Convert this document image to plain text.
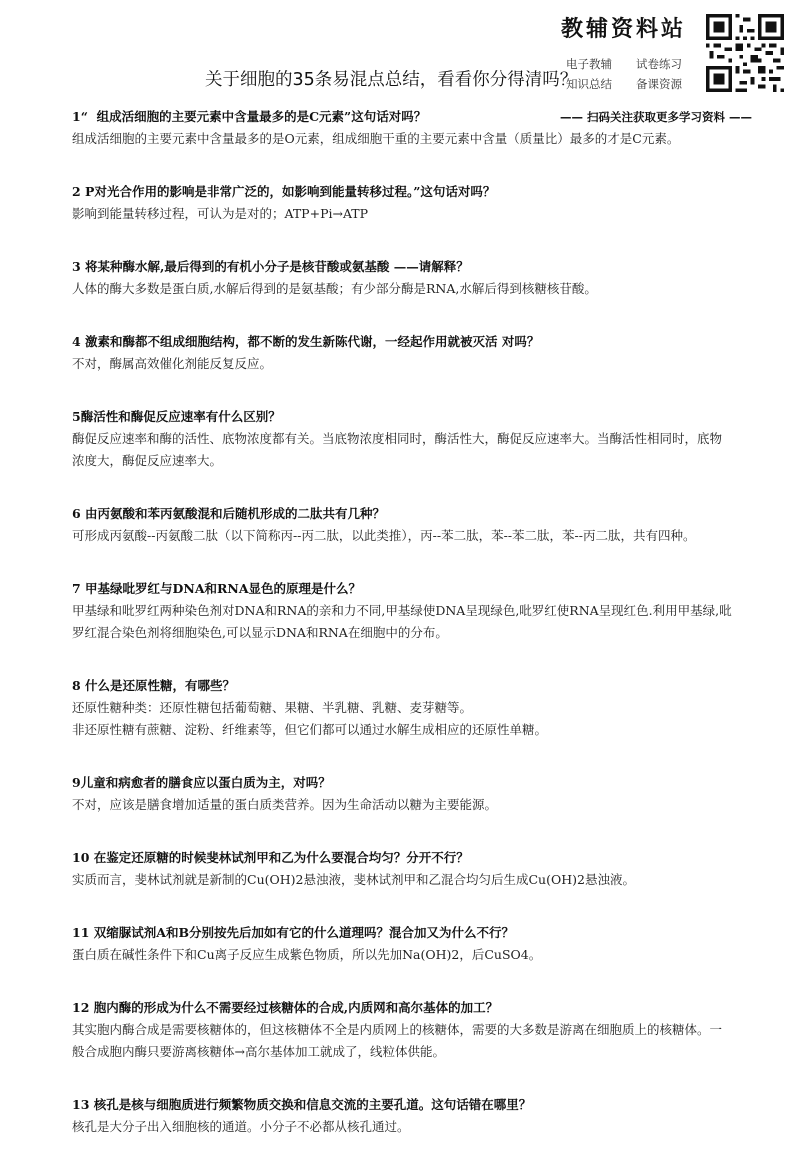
教辅资料站
电子教辅	试卷练习
知识总结	备课资源
—— 扫码关注获取更多学习资料 ——
关于细胞的35条易混点总结，看看你分得清吗？
1“  组成活细胞的主要元素中含量最多的是C元素”这句话对吗？

组成活细胞的主要元素中含量最多的是O元素，组成细胞干重的主要元素中含量（质量比）最多的才是C元素。

2 P对光合作用的影响是非常广泛的，如影响到能量转移过程。”这句话对吗？

影响到能量转移过程，可认为是对的；ATP+Pi→ATP

3 将某种酶水解,最后得到的有机小分子是核苷酸或氨基酸 ——请解释？

人体的酶大多数是蛋白质,水解后得到的是氨基酸；有少部分酶是RNA,水解后得到核糖核苷酸。

4 激素和酶都不组成细胞结构，都不断的发生新陈代谢，一经起作用就被灭活 对吗？

不对，酶属高效催化剂能反复反应。

5酶活性和酶促反应速率有什么区别？

酶促反应速率和酶的活性、底物浓度都有关。当底物浓度相同时，酶活性大，酶促反应速率大。当酶活性相同时，底物浓度大，酶促反应速率大。

6 由丙氨酸和苯丙氨酸混和后随机形成的二肽共有几种？

可形成丙氨酸--丙氨酸二肽（以下简称丙--丙二肽，以此类推），丙--苯二肽，苯--苯二肽，苯--丙二肽，共有四种。

7 甲基绿吡罗红与DNA和RNA显色的原理是什么？

甲基绿和吡罗红两种染色剂对DNA和RNA的亲和力不同,甲基绿使DNA呈现绿色,吡罗红使RNA呈现红色.利用甲基绿,吡罗红混合染色剂将细胞染色,可以显示DNA和RNA在细胞中的分布。

8 什么是还原性糖，有哪些？

还原性糖种类：还原性糖包括葡萄糖、果糖、半乳糖、乳糖、麦芽糖等。

非还原性糖有蔗糖、淀粉、纤维素等，但它们都可以通过水解生成相应的还原性单糖。

9儿童和病愈者的膳食应以蛋白质为主，对吗？

不对，应该是膳食增加适量的蛋白质类营养。因为生命活动以糖为主要能源。

10 在鉴定还原糖的时候斐林试剂甲和乙为什么要混合均匀？分开不行？

实质而言，斐林试剂就是新制的Cu(OH)2悬浊液，斐林试剂甲和乙混合均匀后生成Cu(OH)2悬浊液。

11 双缩脲试剂A和B分别按先后加如有它的什么道理吗？混合加又为什么不行？

蛋白质在碱性条件下和Cu离子反应生成紫色物质，所以先加Na(OH)2，后CuSO4。

12 胞内酶的形成为什么不需要经过核糖体的合成,内质网和高尔基体的加工？

其实胞内酶合成是需要核糖体的，但这核糖体不全是内质网上的核糖体，需要的大多数是游离在细胞质上的核糖体。一般合成胞内酶只要游离核糖体→高尔基体加工就成了，线粒体供能。

13 核孔是核与细胞质进行频繁物质交换和信息交流的主要孔道。这句话错在哪里？

核孔是大分子出入细胞核的通道。小分子不必都从核孔通过。
